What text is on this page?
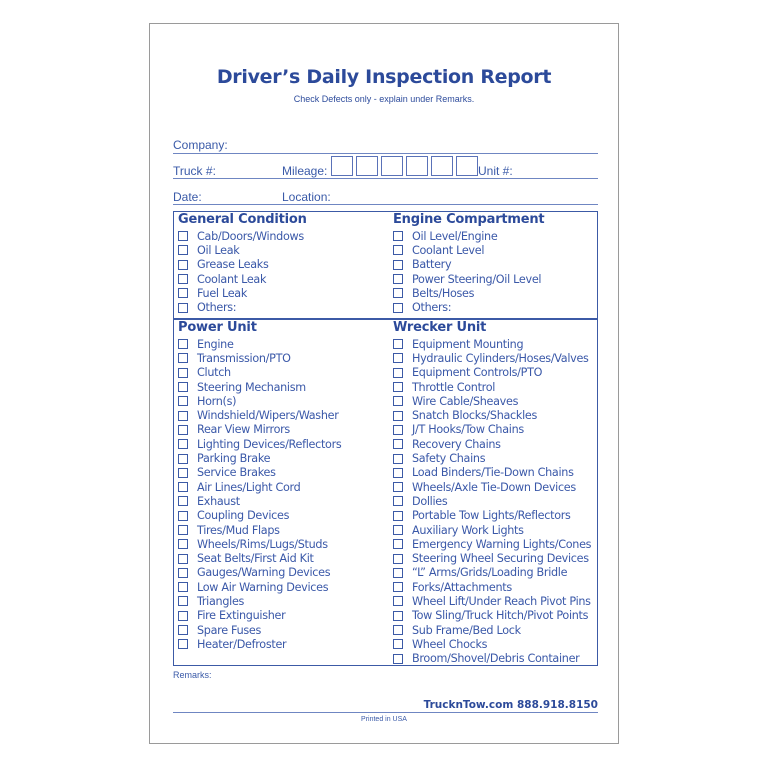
Driver’s Daily Inspection Report
Check Defects only - explain under Remarks.
Company:
Truck #:	Mileage:	Unit #:
Date:	Location:
General Condition
Cab/Doors/Windows
Oil Leak
Grease Leaks
Coolant Leak
Fuel Leak
Others:
Engine Compartment
Oil Level/Engine
Coolant Level
Battery
Power Steering/Oil Level
Belts/Hoses
Others:
Power Unit
Engine
Transmission/PTO
Clutch
Steering Mechanism
Horn(s)
Windshield/Wipers/Washer
Rear View Mirrors
Lighting Devices/Reflectors
Parking Brake
Service Brakes
Air Lines/Light Cord
Exhaust
Coupling Devices
Tires/Mud Flaps
Wheels/Rims/Lugs/Studs
Seat Belts/First Aid Kit
Gauges/Warning Devices
Low Air Warning Devices
Triangles
Fire Extinguisher
Spare Fuses
Heater/Defroster
Wrecker Unit
Equipment Mounting
Hydraulic Cylinders/Hoses/Valves
Equipment Controls/PTO
Throttle Control
Wire Cable/Sheaves
Snatch Blocks/Shackles
J/T Hooks/Tow Chains
Recovery Chains
Safety Chains
Load Binders/Tie-Down Chains
Wheels/Axle Tie-Down Devices
Dollies
Portable Tow Lights/Reflectors
Auxiliary Work Lights
Emergency Warning Lights/Cones
Steering Wheel Securing Devices
“L” Arms/Grids/Loading Bridle
Forks/Attachments
Wheel Lift/Under Reach Pivot Pins
Tow Sling/Truck Hitch/Pivot Points
Sub Frame/Bed Lock
Wheel Chocks
Broom/Shovel/Debris Container
Remarks:
TrucknTow.com 888.918.8150
Printed in USA
